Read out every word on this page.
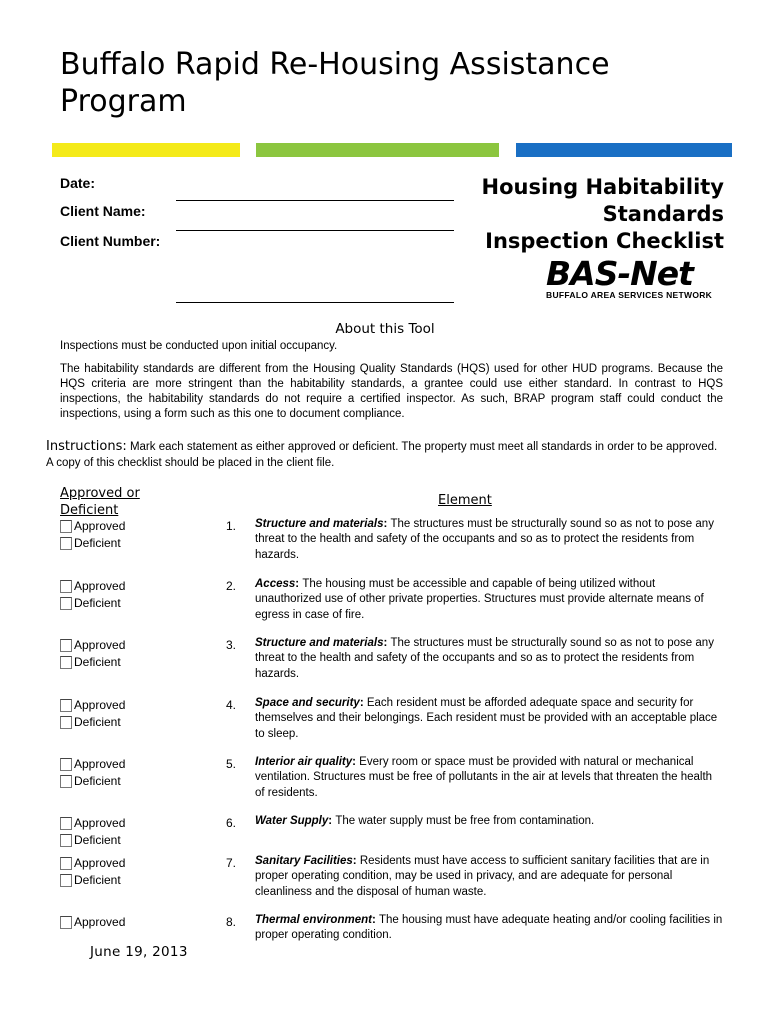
Buffalo Rapid Re-Housing Assistance Program
Date:
Client Name:
Client Number:
Housing Habitability
Standards
Inspection Checklist
BAS-Net
BUFFALO AREA SERVICES NETWORK
About this Tool
Inspections must be conducted upon initial occupancy.
The habitability standards are different from the Housing Quality Standards (HQS) used for other HUD programs. Because the HQS criteria are more stringent than the habitability standards, a grantee could use either standard. In contrast to HQS inspections, the habitability standards do not require a certified inspector. As such, BRAP program staff could conduct the inspections, using a form such as this one to document compliance.
Instructions: Mark each statement as either approved or deficient. The property must meet all standards in order to be approved. A copy of this checklist should be placed in the client file.
Approved or
Deficient
Element
Approved
Deficient
1. Structure and materials: The structures must be structurally sound so as not to pose any threat to the health and safety of the occupants and so as to protect the residents from hazards.
Approved
Deficient
2. Access: The housing must be accessible and capable of being utilized without unauthorized use of other private properties. Structures must provide alternate means of egress in case of fire.
Approved
Deficient
3. Structure and materials: The structures must be structurally sound so as not to pose any threat to the health and safety of the occupants and so as to protect the residents from hazards.
Approved
Deficient
4. Space and security: Each resident must be afforded adequate space and security for themselves and their belongings. Each resident must be provided with an acceptable place to sleep.
Approved
Deficient
5. Interior air quality: Every room or space must be provided with natural or mechanical ventilation. Structures must be free of pollutants in the air at levels that threaten the health of residents.
Approved
Deficient
6. Water Supply: The water supply must be free from contamination.
Approved
Deficient
7. Sanitary Facilities: Residents must have access to sufficient sanitary facilities that are in proper operating condition, may be used in privacy, and are adequate for personal cleanliness and the disposal of human waste.
Approved	8. Thermal environment: The housing must have adequate heating and/or cooling facilities in proper operating condition.
June 19, 2013
